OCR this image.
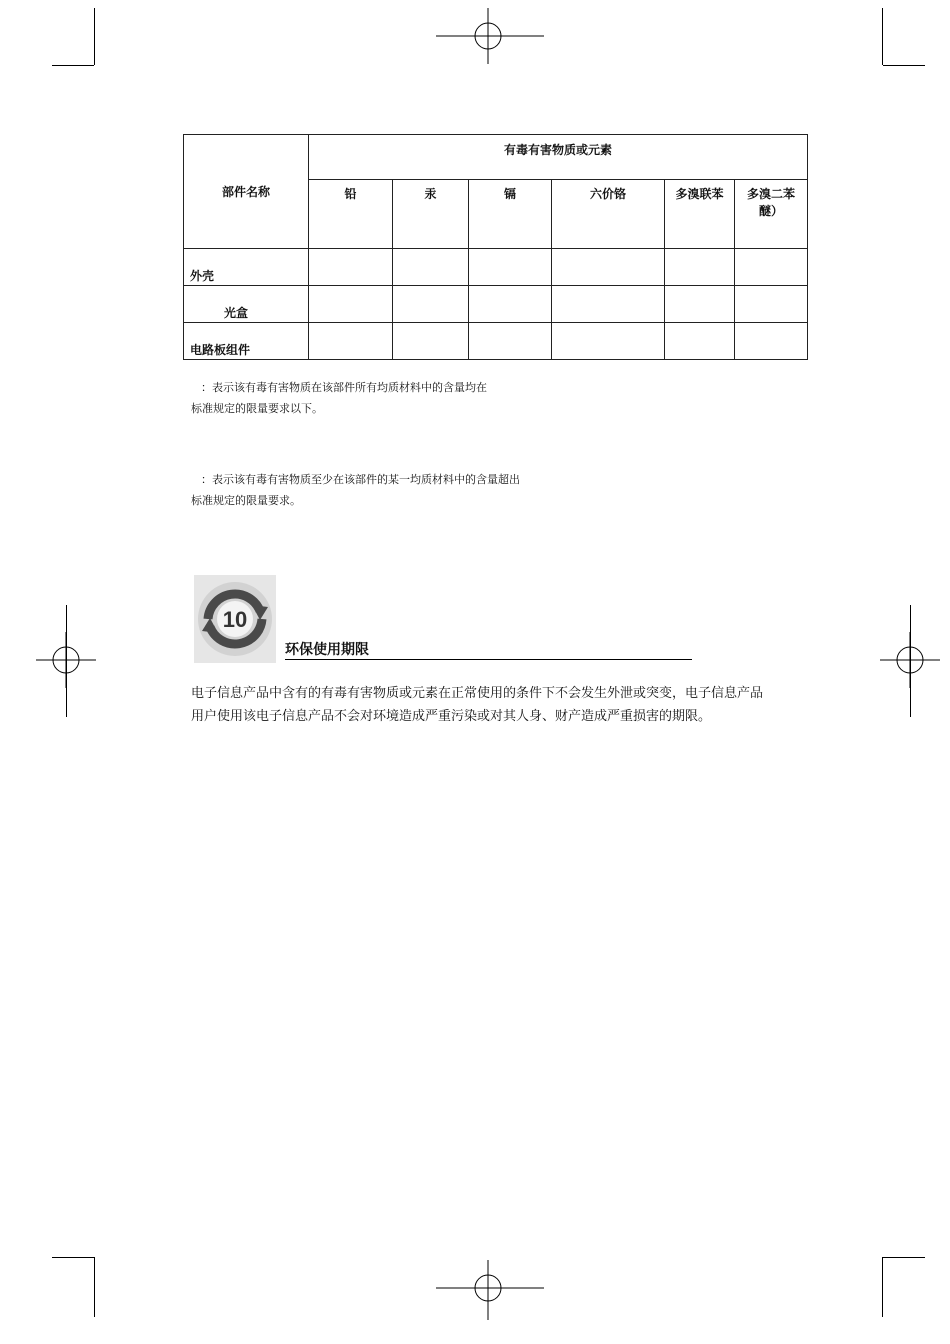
部件名称	有毒有害物质或元素					
	铅	汞	镉	六价铬	多溴联苯	多溴二苯醚）
外壳						
光盒						
电路板组件						
：表示该有毒有害物质在该部件所有均质材料中的含量均在
标准规定的限量要求以下。
：表示该有毒有害物质至少在该部件的某一均质材料中的含量超出
标准规定的限量要求。
10
环保使用期限
电子信息产品中含有的有毒有害物质或元素在正常使用的条件下不会发生外泄或突变，电子信息产品用户使用该电子信息产品不会对环境造成严重污染或对其人身、财产造成严重损害的期限。
